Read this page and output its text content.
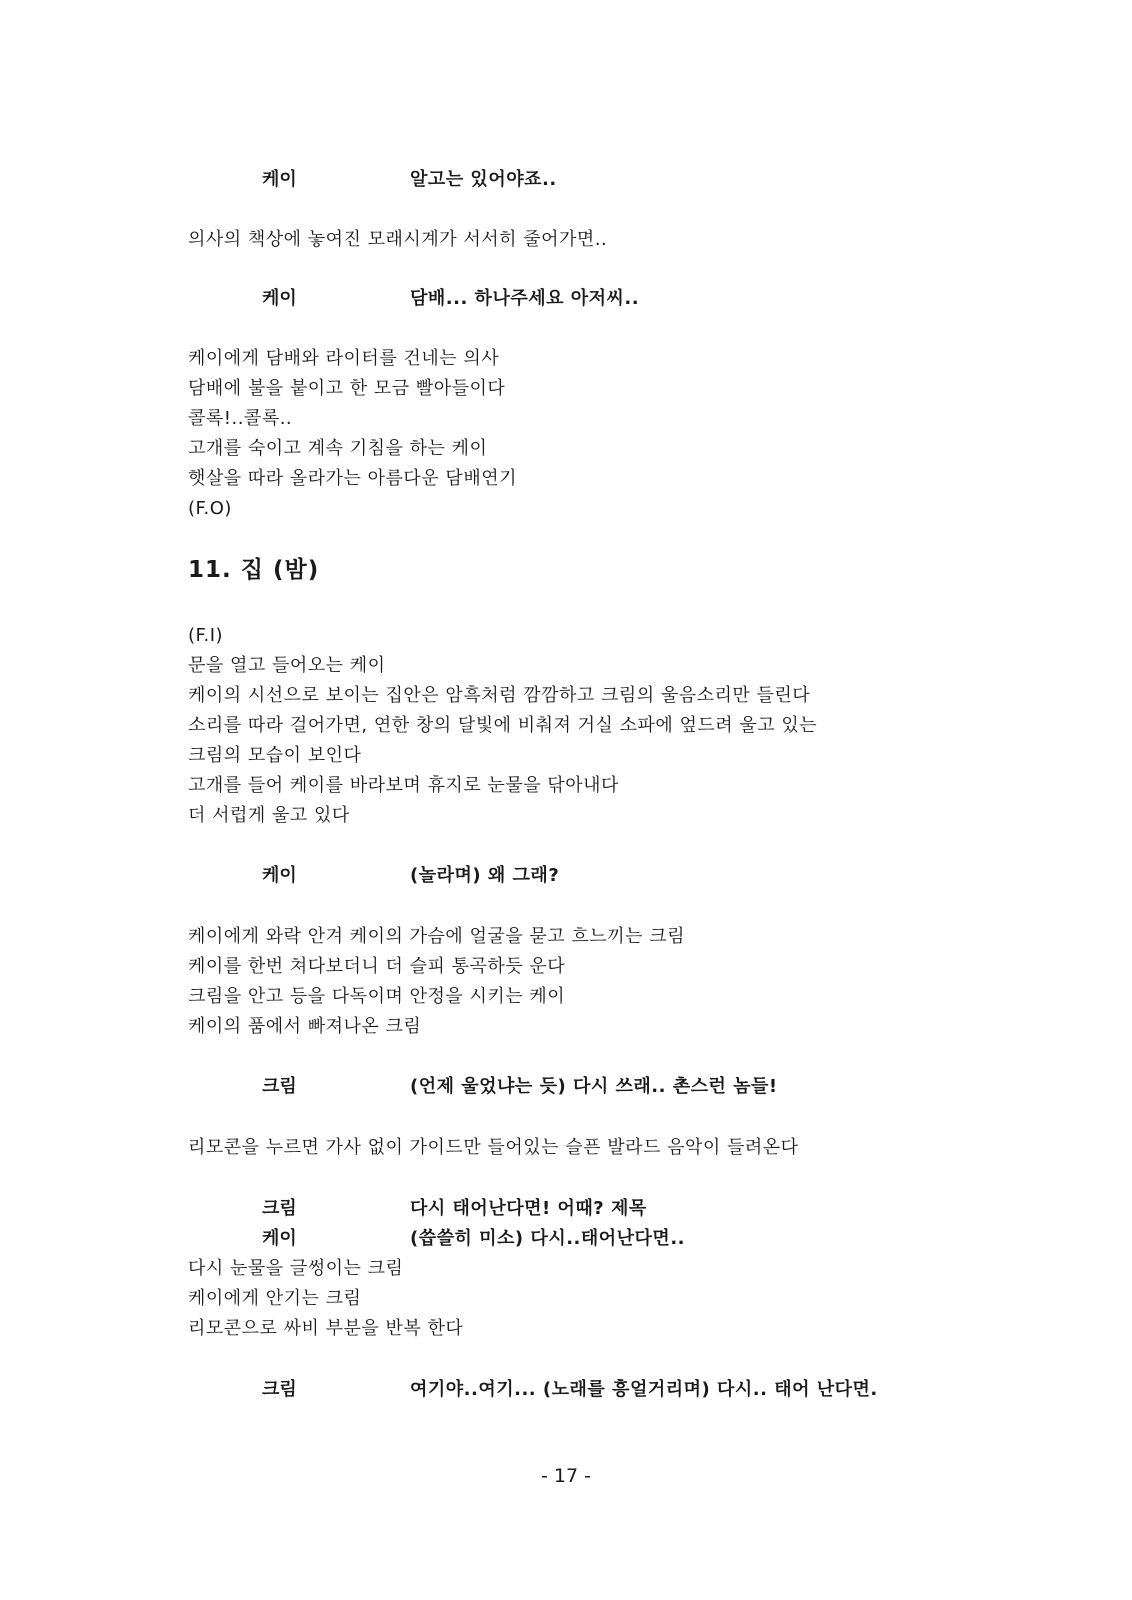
케이	알고는 있어야죠..
의사의 책상에 놓여진 모래시계가 서서히 줄어가면..
케이	담배... 하나주세요 아저씨..
케이에게 담배와 라이터를 건네는 의사
담배에 불을 붙이고 한 모금 빨아들이다
콜록!..콜록..
고개를 숙이고 계속 기침을 하는 케이
햇살을 따라 올라가는 아름다운 담배연기
(F.O)
11. 집 (밤)
(F.I)
문을 열고 들어오는 케이
케이의 시선으로 보이는 집안은 암흑처럼 깜깜하고 크림의 울음소리만 들린다
소리를 따라 걸어가면, 연한 창의 달빛에 비춰져 거실 소파에 엎드려 울고 있는
크림의 모습이 보인다
고개를 들어 케이를 바라보며 휴지로 눈물을 닦아내다
더 서럽게 울고 있다
케이	(놀라며) 왜 그래?
케이에게 와락 안겨 케이의 가슴에 얼굴을 묻고 흐느끼는 크림
케이를 한번 쳐다보더니 더 슬피 통곡하듯 운다
크림을 안고 등을 다독이며 안정을 시키는 케이
케이의 품에서 빠져나온 크림
크림	(언제 울었냐는 듯) 다시 쓰래.. 촌스런 놈들!
리모콘을 누르면 가사 없이 가이드만 들어있는 슬픈 발라드 음악이 들려온다
크림	다시 태어난다면! 어때? 제목
케이	(씁쓸히 미소) 다시..태어난다면..
다시 눈물을 글썽이는 크림
케이에게 안기는 크림
리모콘으로 싸비 부분을 반복 한다
크림	여기야..여기... (노래를 흥얼거리며) 다시.. 태어 난다면.
- 17 -
